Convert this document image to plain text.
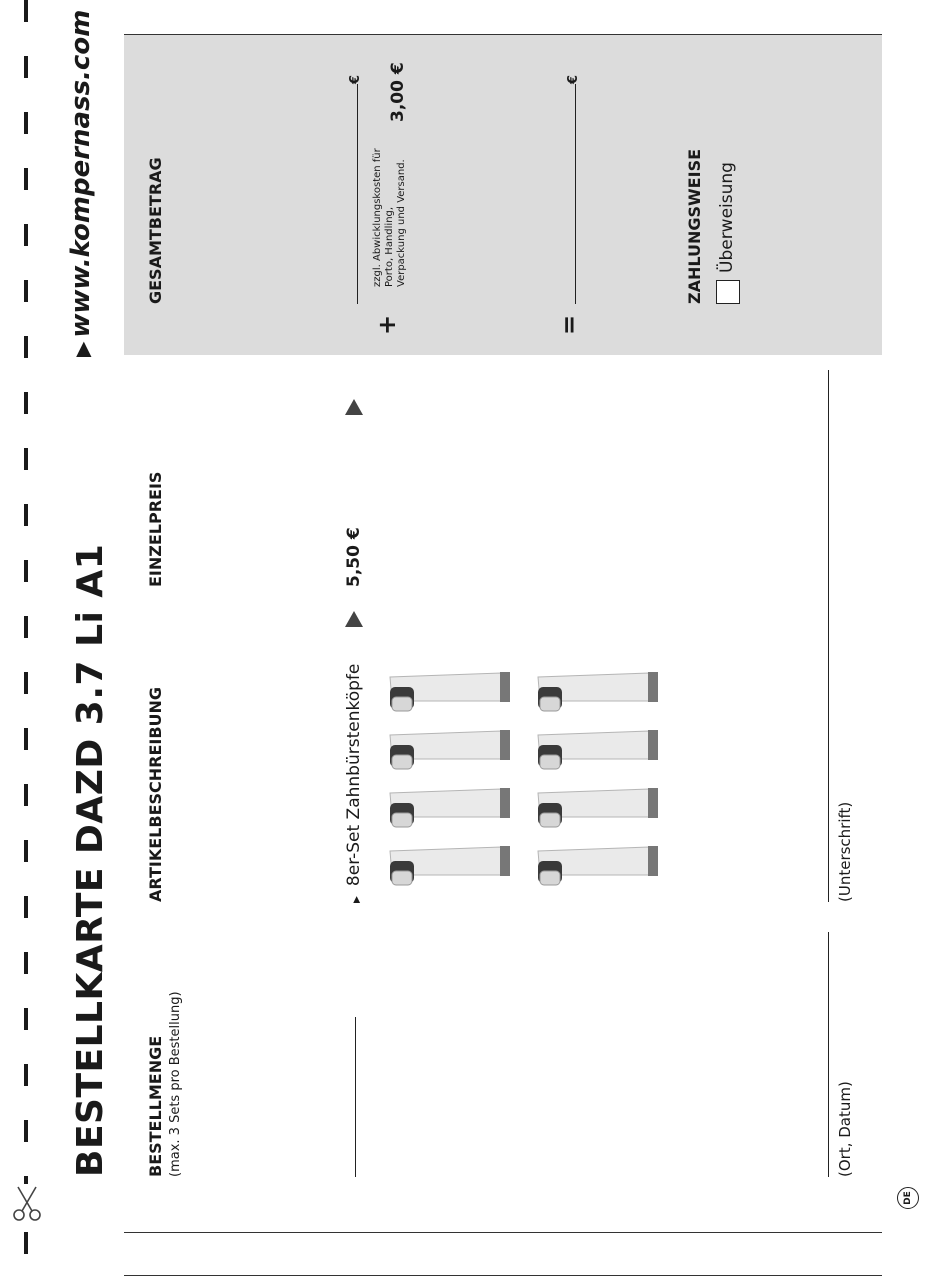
BESTELLKARTE DAZD 3.7 Li A1
▶www.kompernass.com
BESTELLMENGE (max. 3 Sets pro Bestellung)
ARTIKELBESCHREIBUNG
EINZELPREIS
GESAMTBETRAG
▶8er-Set Zahnbürstenköpfe
5,50 €
€
+
zzgl. Abwicklungskosten für Porto, Handling, Verpackung und Versand.
3,00 €
=
€
ZAHLUNGSWEISE Überweisung
(Ort, Datum)
(Unterschrift)
DE
